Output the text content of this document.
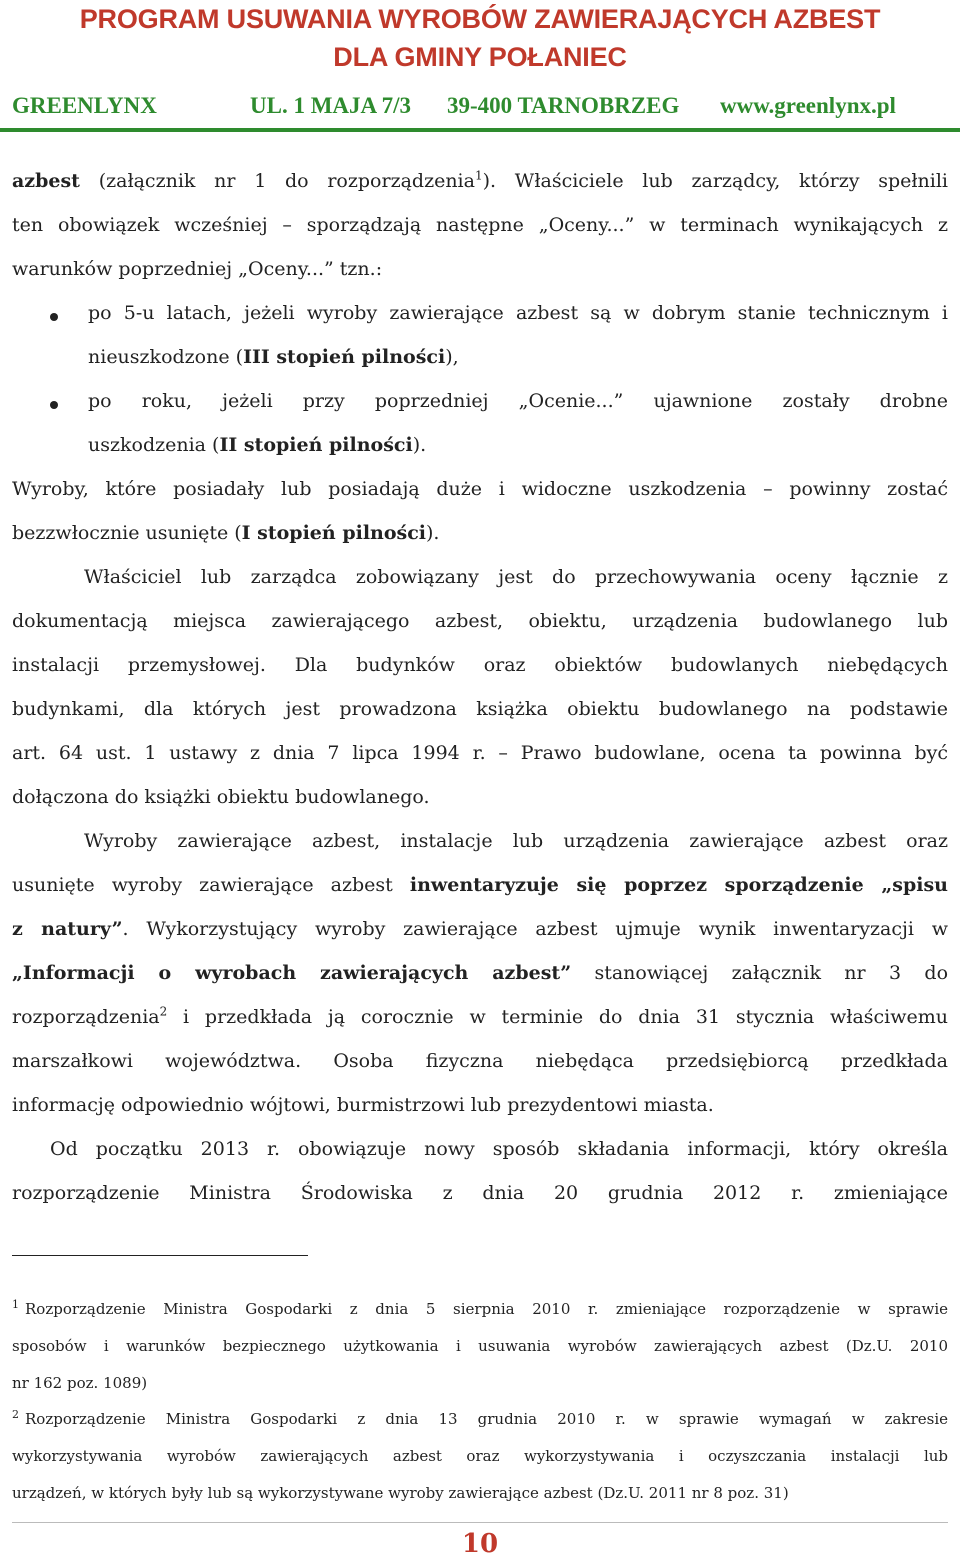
PROGRAM USUWANIA WYROBÓW ZAWIERAJĄCYCH AZBEST
DLA GMINY POŁANIEC
GREENLYNX	UL. 1 MAJA 7/3 39-400 TARNOBRZEG www.greenlynx.pl
azbest (załącznik nr 1 do rozporządzenia$^1$). Właściciele lub zarządcy, którzy spełnili
ten obowiązek wcześniej – sporządzają następne „Oceny...” w terminach wynikających z
warunków poprzedniej „Oceny...” tzn.:
po 5-u latach, jeżeli wyroby zawierające azbest są w dobrym stanie technicznym i
nieuszkodzone (III stopień pilności),
po roku, jeżeli przy poprzedniej „Ocenie...” ujawnione zostały drobne
uszkodzenia (II stopień pilności).
Wyroby, które posiadały lub posiadają duże i widoczne uszkodzenia – powinny zostać
bezzwłocznie usunięte (I stopień pilności).
Właściciel lub zarządca zobowiązany jest do przechowywania oceny łącznie z
dokumentacją miejsca zawierającego azbest, obiektu, urządzenia budowlanego lub
instalacji przemysłowej. Dla budynków oraz obiektów budowlanych niebędących
budynkami, dla których jest prowadzona książka obiektu budowlanego na podstawie
art. 64 ust. 1 ustawy z dnia 7 lipca 1994 r. – Prawo budowlane, ocena ta powinna być
dołączona do książki obiektu budowlanego.
Wyroby zawierające azbest, instalacje lub urządzenia zawierające azbest oraz
usunięte wyroby zawierające azbest inwentaryzuje się poprzez sporządzenie „spisu
z natury”. Wykorzystujący wyroby zawierające azbest ujmuje wynik inwentaryzacji w
„Informacji o wyrobach zawierających azbest” stanowiącej załącznik nr 3 do
rozporządzenia$^2$ i przedkłada ją corocznie w terminie do dnia 31 stycznia właściwemu
marszałkowi województwa. Osoba fizyczna niebędąca przedsiębiorcą przedkłada
informację odpowiednio wójtowi, burmistrzowi lub prezydentowi miasta.
Od początku 2013 r. obowiązuje nowy sposób składania informacji, który określa
rozporządzenie Ministra Środowiska z dnia 20 grudnia 2012 r. zmieniające
$^1$ Rozporządzenie Ministra Gospodarki z dnia 5 sierpnia 2010 r. zmieniające rozporządzenie w sprawie
sposobów i warunków bezpiecznego użytkowania i usuwania wyrobów zawierających azbest (Dz.U. 2010
nr 162 poz. 1089)
$^2$ Rozporządzenie Ministra Gospodarki z dnia 13 grudnia 2010 r. w sprawie wymagań w zakresie
wykorzystywania wyrobów zawierających azbest oraz wykorzystywania i oczyszczania instalacji lub
urządzeń, w których były lub są wykorzystywane wyroby zawierające azbest (Dz.U. 2011 nr 8 poz. 31)
10
